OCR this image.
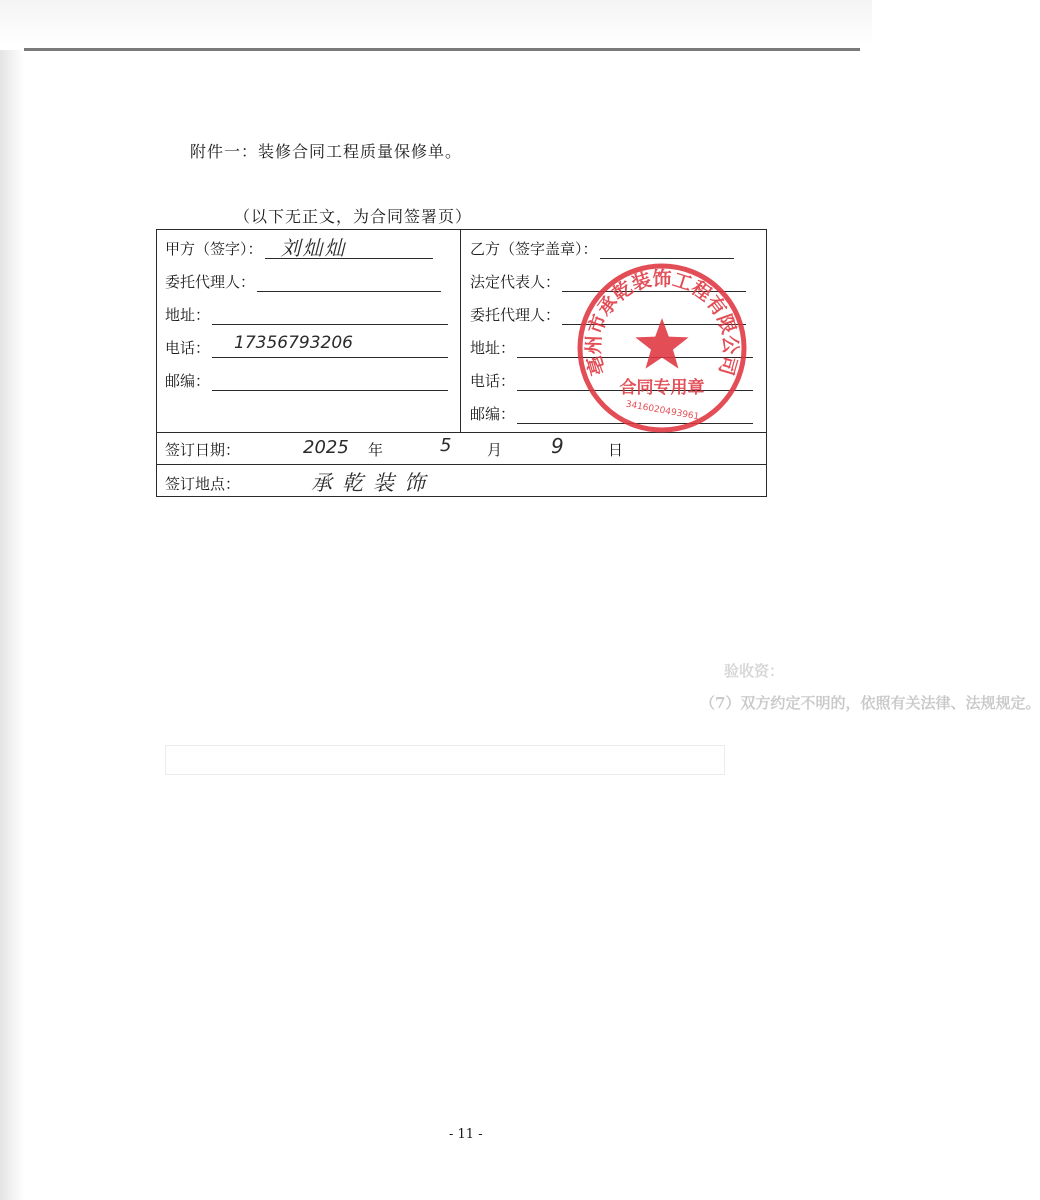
（7）双方约定不明的，依照有关法律、法规规定。
验收资：
附件一：装修合同工程质量保修单。
（以下无正文，为合同签署页）
甲方（签字）： 刘灿灿
委托代理人：
地址：
电话： 17356793206
邮编：
乙方（签字盖章）：
法定代表人：
委托代理人：
地址：
电话：
邮编：
签订日期：	2025 年	5 月 9	日
签订地点：	承乾装饰
亳州市承乾装饰工程有限公司
合同专用章
3416020493961
- 11 -
